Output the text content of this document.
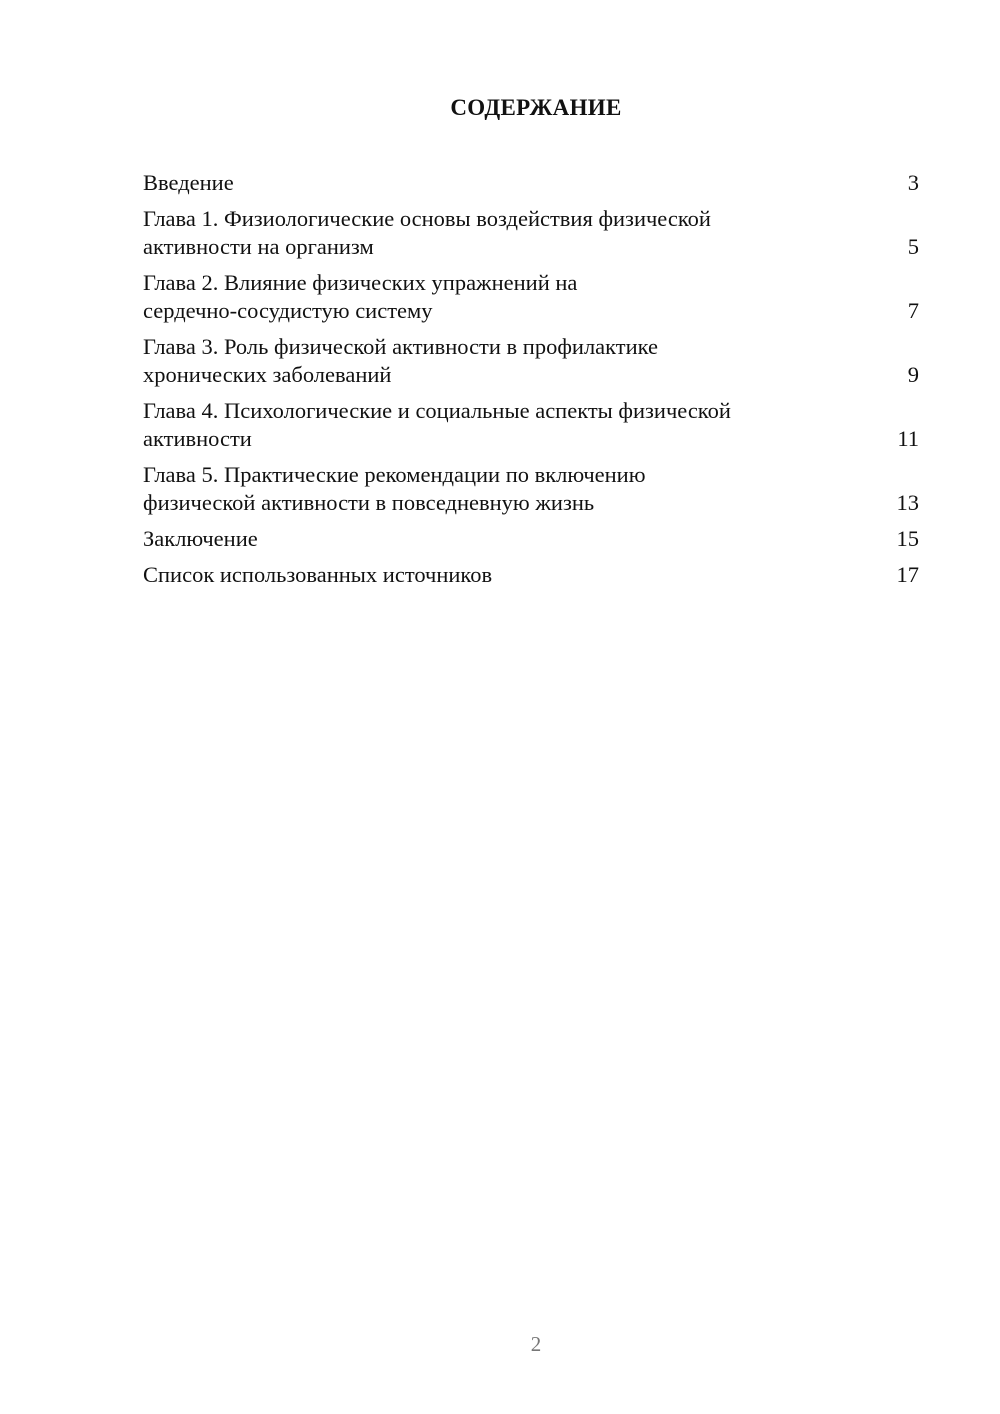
СОДЕРЖАНИЕ
Введение	3
Глава 1. Физиологические основы воздействия физической
активности на организм	5
Глава 2. Влияние физических упражнений на
сердечно-сосудистую систему	7
Глава 3. Роль физической активности в профилактике
хронических заболеваний	9
Глава 4. Психологические и социальные аспекты физической
активности	11
Глава 5. Практические рекомендации по включению
физической активности в повседневную жизнь	13
Заключение	15
Список использованных источников	17
2
